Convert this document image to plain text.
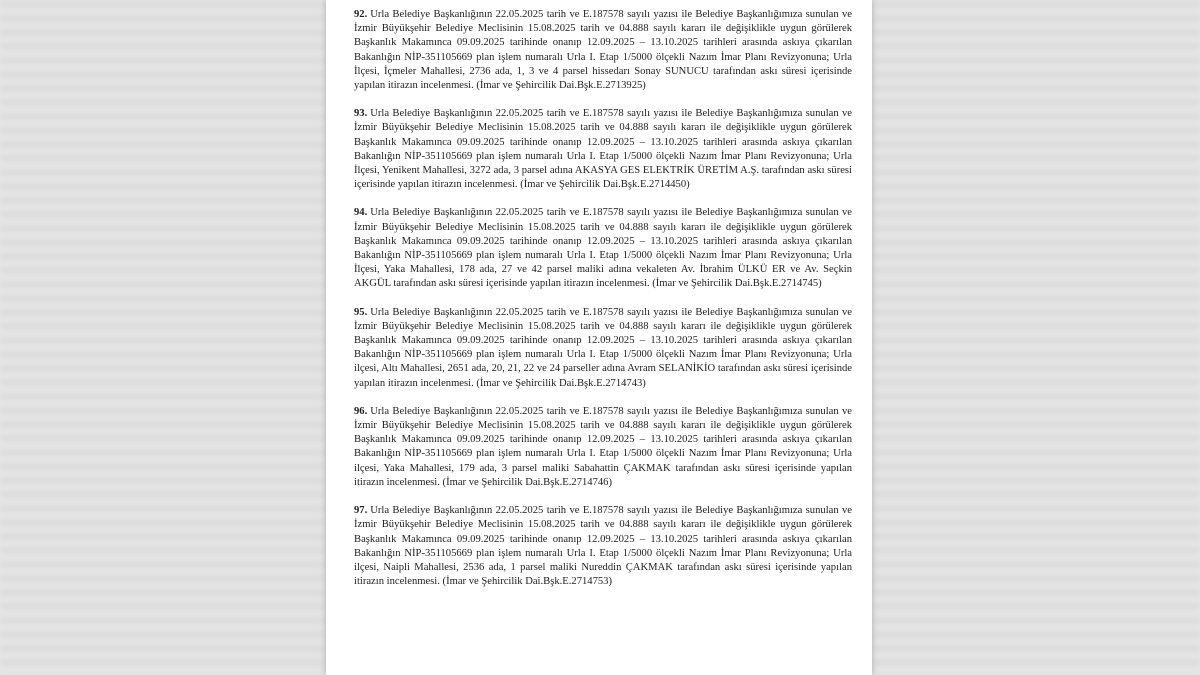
92. Urla Belediye Başkanlığının 22.05.2025 tarih ve E.187578 sayılı yazısı ile Belediye Başkanlığımıza sunulan ve İzmir Büyükşehir Belediye Meclisinin 15.08.2025 tarih ve 04.888 sayılı kararı ile değişiklikle uygun görülerek Başkanlık Makamınca 09.09.2025 tarihinde onanıp 12.09.2025 – 13.10.2025 tarihleri arasında askıya çıkarılan Bakanlığın NİP-351105669 plan işlem numaralı Urla I. Etap 1/5000 ölçekli Nazım İmar Planı Revizyonuna; Urla İlçesi, İçmeler Mahallesi, 2736 ada, 1, 3 ve 4 parsel hissedarı Sonay SUNUCU tarafından askı süresi içerisinde yapılan itirazın incelenmesi. (İmar ve Şehircilik Dai.Bşk.E.2713925)

93. Urla Belediye Başkanlığının 22.05.2025 tarih ve E.187578 sayılı yazısı ile Belediye Başkanlığımıza sunulan ve İzmir Büyükşehir Belediye Meclisinin 15.08.2025 tarih ve 04.888 sayılı kararı ile değişiklikle uygun görülerek Başkanlık Makamınca 09.09.2025 tarihinde onanıp 12.09.2025 – 13.10.2025 tarihleri arasında askıya çıkarılan Bakanlığın NİP-351105669 plan işlem numaralı Urla I. Etap 1/5000 ölçekli Nazım İmar Planı Revizyonuna; Urla İlçesi, Yenikent Mahallesi, 3272 ada, 3 parsel adına AKASYA GES ELEKTRİK ÜRETİM A.Ş. tarafından askı süresi içerisinde yapılan itirazın incelenmesi. (İmar ve Şehircilik Dai.Bşk.E.2714450)

94. Urla Belediye Başkanlığının 22.05.2025 tarih ve E.187578 sayılı yazısı ile Belediye Başkanlığımıza sunulan ve İzmir Büyükşehir Belediye Meclisinin 15.08.2025 tarih ve 04.888 sayılı kararı ile değişiklikle uygun görülerek Başkanlık Makamınca 09.09.2025 tarihinde onanıp 12.09.2025 – 13.10.2025 tarihleri arasında askıya çıkarılan Bakanlığın NİP-351105669 plan işlem numaralı Urla I. Etap 1/5000 ölçekli Nazım İmar Planı Revizyonuna; Urla İlçesi, Yaka Mahallesi, 178 ada, 27 ve 42 parsel maliki adına vekaleten Av. İbrahim ÜLKÜ ER ve Av. Seçkin AKGÜL tarafından askı süresi içerisinde yapılan itirazın incelenmesi. (İmar ve Şehircilik Dai.Bşk.E.2714745)

95. Urla Belediye Başkanlığının 22.05.2025 tarih ve E.187578 sayılı yazısı ile Belediye Başkanlığımıza sunulan ve İzmir Büyükşehir Belediye Meclisinin 15.08.2025 tarih ve 04.888 sayılı kararı ile değişiklikle uygun görülerek Başkanlık Makamınca 09.09.2025 tarihinde onanıp 12.09.2025 – 13.10.2025 tarihleri arasında askıya çıkarılan Bakanlığın NİP-351105669 plan işlem numaralı Urla I. Etap 1/5000 ölçekli Nazım İmar Planı Revizyonuna; Urla ilçesi, Altı Mahallesi, 2651 ada, 20, 21, 22 ve 24 parseller adına Avram SELANİKİO tarafından askı süresi içerisinde yapılan itirazın incelenmesi. (İmar ve Şehircilik Dai.Bşk.E.2714743)

96. Urla Belediye Başkanlığının 22.05.2025 tarih ve E.187578 sayılı yazısı ile Belediye Başkanlığımıza sunulan ve İzmir Büyükşehir Belediye Meclisinin 15.08.2025 tarih ve 04.888 sayılı kararı ile değişiklikle uygun görülerek Başkanlık Makamınca 09.09.2025 tarihinde onanıp 12.09.2025 – 13.10.2025 tarihleri arasında askıya çıkarılan Bakanlığın NİP-351105669 plan işlem numaralı Urla I. Etap 1/5000 ölçekli Nazım İmar Planı Revizyonuna; Urla ilçesi, Yaka Mahallesi, 179 ada, 3 parsel maliki Sabahattin ÇAKMAK tarafından askı süresi içerisinde yapılan itirazın incelenmesi. (İmar ve Şehircilik Dai.Bşk.E.2714746)

97. Urla Belediye Başkanlığının 22.05.2025 tarih ve E.187578 sayılı yazısı ile Belediye Başkanlığımıza sunulan ve İzmir Büyükşehir Belediye Meclisinin 15.08.2025 tarih ve 04.888 sayılı kararı ile değişiklikle uygun görülerek Başkanlık Makamınca 09.09.2025 tarihinde onanıp 12.09.2025 – 13.10.2025 tarihleri arasında askıya çıkarılan Bakanlığın NİP-351105669 plan işlem numaralı Urla I. Etap 1/5000 ölçekli Nazım İmar Planı Revizyonuna; Urla ilçesi, Naipli Mahallesi, 2536 ada, 1 parsel maliki Nureddin ÇAKMAK tarafından askı süresi içerisinde yapılan itirazın incelenmesi. (İmar ve Şehircilik Dai.Bşk.E.2714753)
